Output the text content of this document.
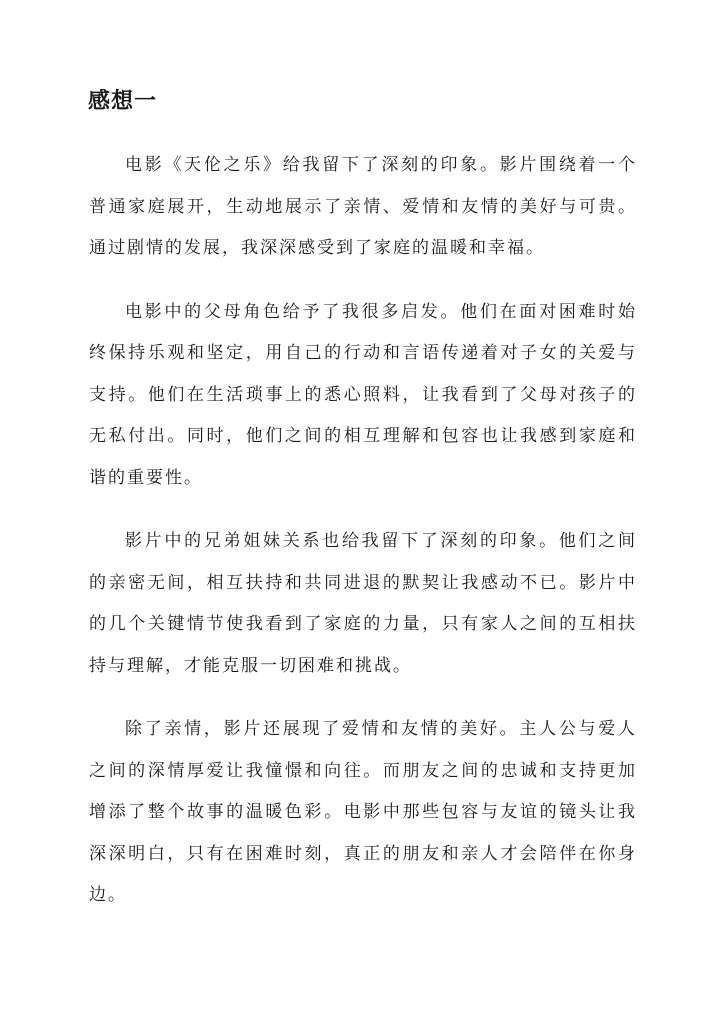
感想一

电影《天伦之乐》给我留下了深刻的印象。影片围绕着一个普通家庭展开，生动地展示了亲情、爱情和友情的美好与可贵。通过剧情的发展，我深深感受到了家庭的温暖和幸福。

电影中的父母角色给予了我很多启发。他们在面对困难时始终保持乐观和坚定，用自己的行动和言语传递着对子女的关爱与支持。他们在生活琐事上的悉心照料，让我看到了父母对孩子的无私付出。同时，他们之间的相互理解和包容也让我感到家庭和谐的重要性。

影片中的兄弟姐妹关系也给我留下了深刻的印象。他们之间的亲密无间，相互扶持和共同进退的默契让我感动不已。影片中的几个关键情节使我看到了家庭的力量，只有家人之间的互相扶持与理解，才能克服一切困难和挑战。

除了亲情，影片还展现了爱情和友情的美好。主人公与爱人之间的深情厚爱让我憧憬和向往。而朋友之间的忠诚和支持更加增添了整个故事的温暖色彩。电影中那些包容与友谊的镜头让我深深明白，只有在困难时刻，真正的朋友和亲人才会陪伴在你身边。
